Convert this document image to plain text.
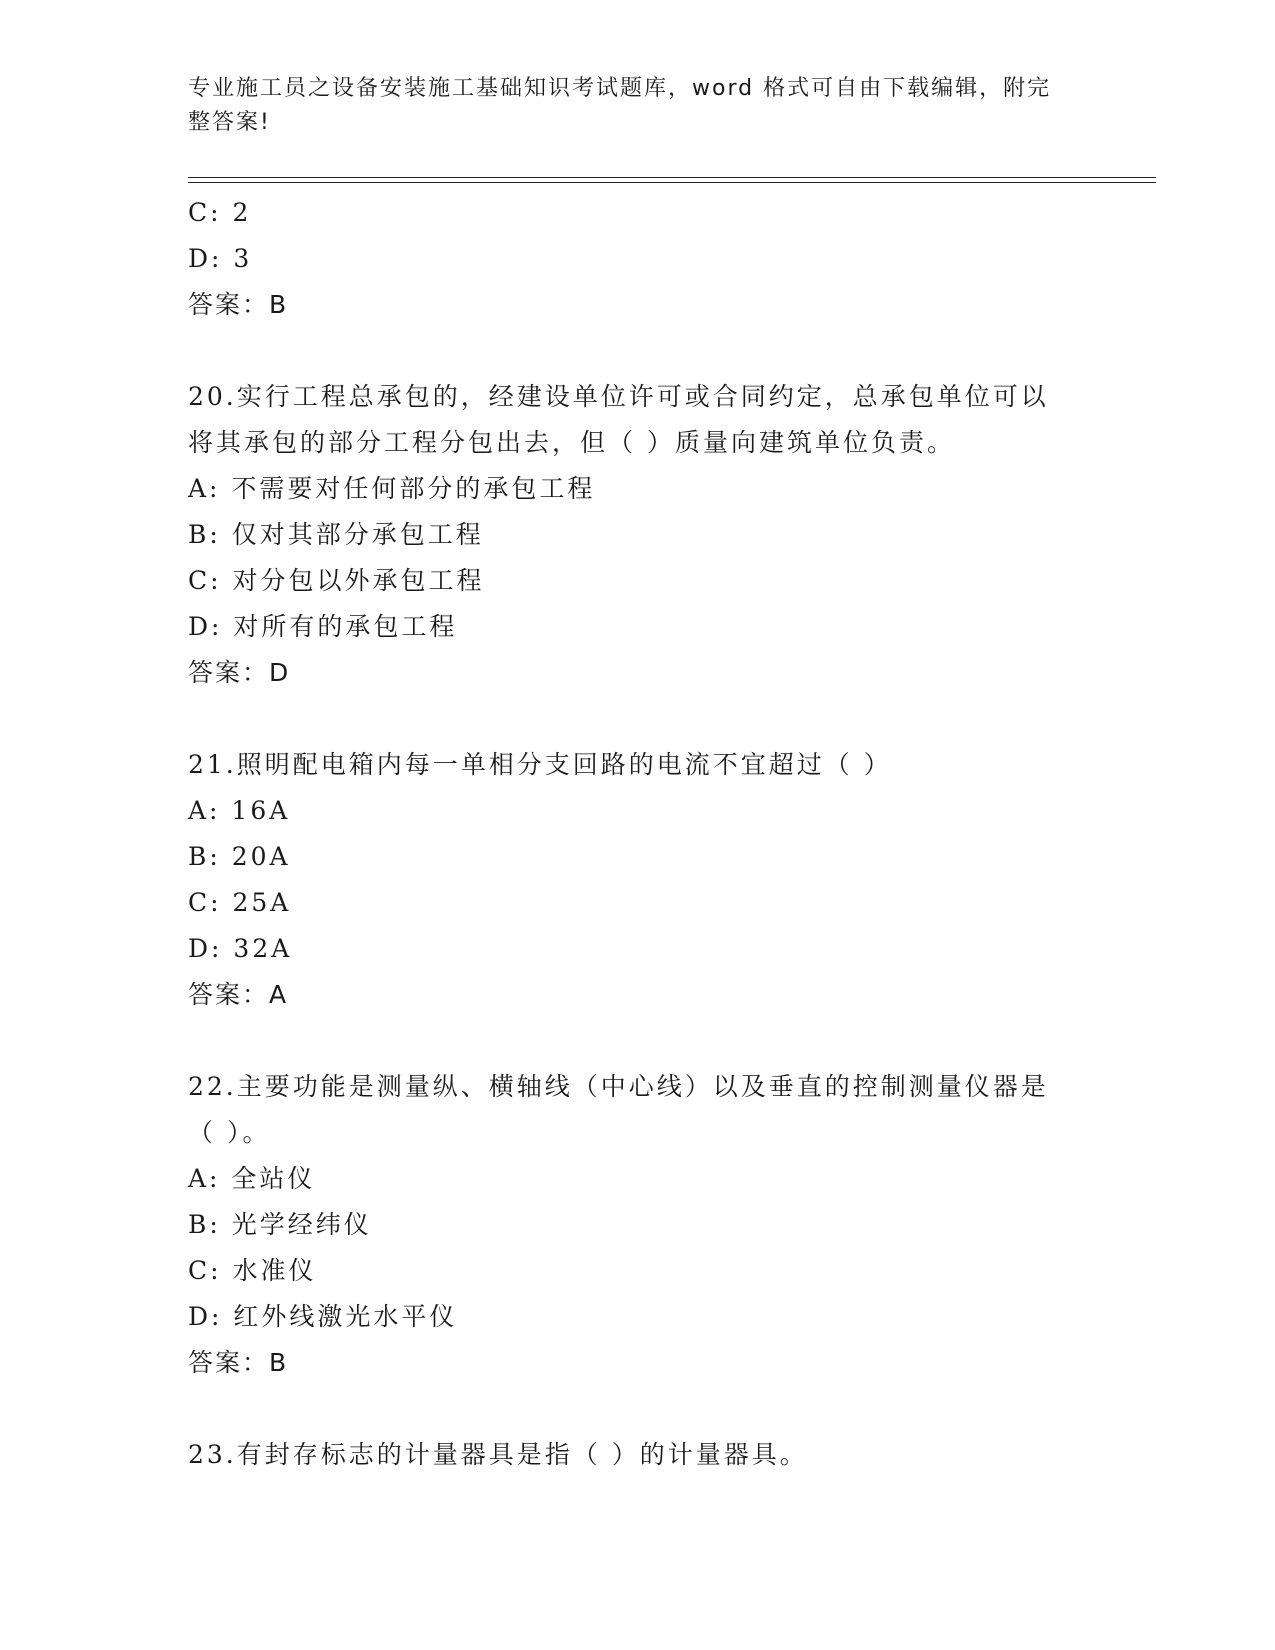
专业施工员之设备安装施工基础知识考试题库，word 格式可自由下载编辑，附完
整答案!
C: 2
D: 3
答案：B
20.实行工程总承包的，经建设单位许可或合同约定，总承包单位可以
将其承包的部分工程分包出去，但（ ）质量向建筑单位负责。
A: 不需要对任何部分的承包工程
B: 仅对其部分承包工程
C: 对分包以外承包工程
D: 对所有的承包工程
答案：D
21.照明配电箱内每一单相分支回路的电流不宜超过（ ）
A: 16A
B: 20A
C: 25A
D: 32A
答案：A
22.主要功能是测量纵、横轴线（中心线）以及垂直的控制测量仪器是
（ ）。
A: 全站仪
B: 光学经纬仪
C: 水准仪
D: 红外线激光水平仪
答案：B
23.有封存标志的计量器具是指（ ）的计量器具。
